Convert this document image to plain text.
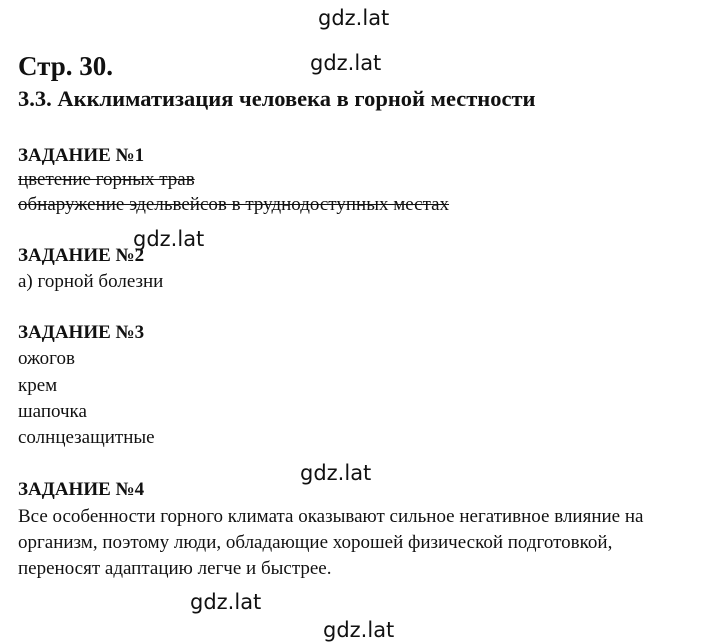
gdz.lat
gdz.lat
gdz.lat
gdz.lat
gdz.lat
gdz.lat
Стр. 30.
3.3. Акклиматизация человека в горной местности
ЗАДАНИЕ №1
цветение горных трав
обнаружение эдельвейсов в труднодоступных местах
ЗАДАНИЕ №2
а) горной болезни
ЗАДАНИЕ №3
ожогов
крем
шапочка
солнцезащитные
ЗАДАНИЕ №4
Все особенности горного климата оказывают сильное негативное влияние на
организм, поэтому люди, обладающие хорошей физической подготовкой,
переносят адаптацию легче и быстрее.
